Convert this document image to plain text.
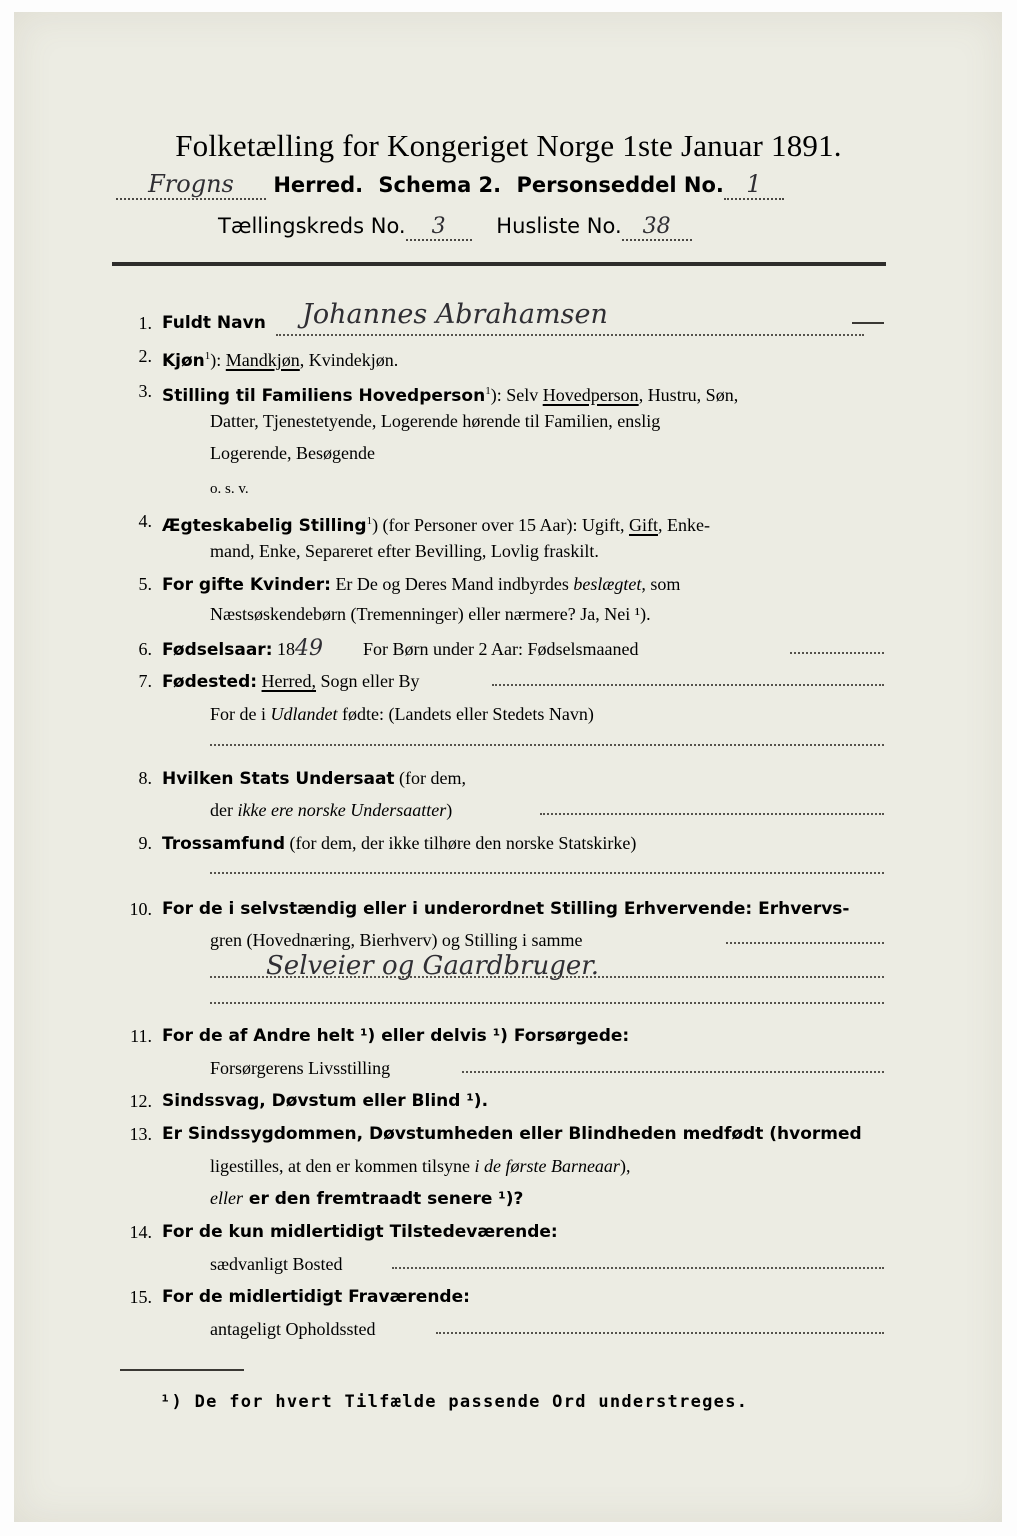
Folketælling for Kongeriget Norge 1ste Januar 1891.
Frogns Herred. Schema 2. Personseddel No. 1
Tællingskreds No. 3 Husliste No. 38
1. Fuldt Navn Johannes Abrahamsen
2. Kjøn$^1$): Mandkjøn, Kvindekjøn.
3. Stilling til Familiens Hovedperson$^1$): Selv Hovedperson, Hustru, Søn,
Datter, Tjenestetyende, Logerende hørende til Familien, enslig
Logerende, Besøgende
o. s. v.
4. Ægteskabelig Stilling$^1$) (for Personer over 15 Aar): Ugift, Gift, Enke-
mand, Enke, Separeret efter Bevilling, Lovlig fraskilt.
5. For gifte Kvinder: Er De og Deres Mand indbyrdes beslægtet, som
Næstsøskendebørn (Tremenninger) eller nærmere? Ja, Nei ¹).
6. Fødselsaar: 1849 For Børn under 2 Aar: Fødselsmaaned
7. Fødested: Herred, Sogn eller By
For de i Udlandet fødte: (Landets eller Stedets Navn)
8. Hvilken Stats Undersaat (for dem,
der ikke ere norske Undersaatter)
9. Trossamfund (for dem, der ikke tilhøre den norske Statskirke)
10. For de i selvstændig eller i underordnet Stilling Erhvervende: Erhvervs-
gren (Hovednæring, Bierhverv) og Stilling i samme
Selveier og Gaardbruger.
11. For de af Andre helt ¹) eller delvis ¹) Forsørgede:
Forsørgerens Livsstilling
12. Sindssvag, Døvstum eller Blind ¹).
13. Er Sindssygdommen, Døvstumheden eller Blindheden medfødt (hvormed
ligestilles, at den er kommen tilsyne i de første Barneaar),
eller er den fremtraadt senere ¹)?
14. For de kun midlertidigt Tilstedeværende:
sædvanligt Bosted
15. For de midlertidigt Fraværende:
antageligt Opholdssted
¹) De for hvert Tilfælde passende Ord understreges.
